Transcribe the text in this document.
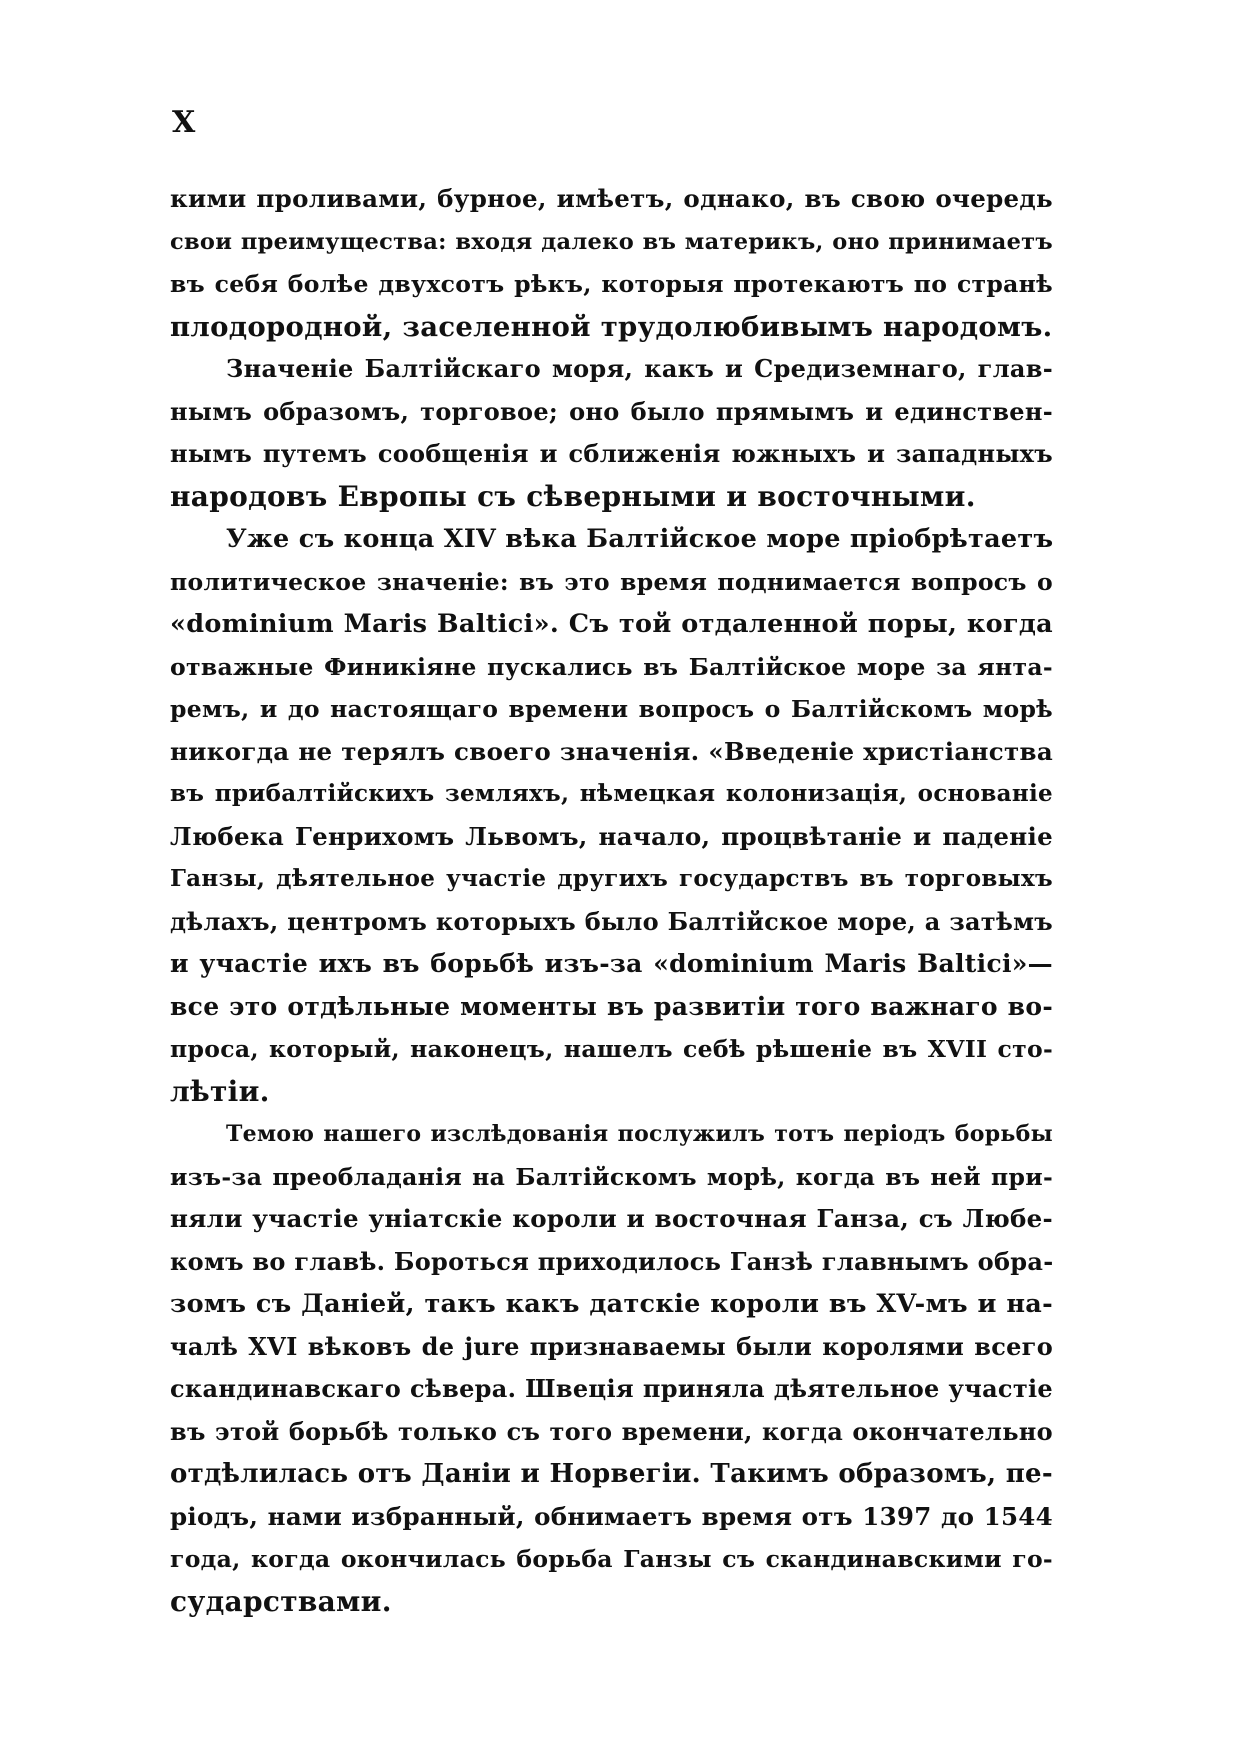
X
кими проливами, бурное, имѣетъ, однако, въ свою очередь
свои преимущества: входя далеко въ материкъ, оно принимаетъ
въ себя болѣе двухсотъ рѣкъ, которыя протекаютъ по странѣ
плодородной, заселенной трудолюбивымъ народомъ.
Значеніе Балтійскаго моря, какъ и Средиземнаго, глав-
нымъ образомъ, торговое; оно было прямымъ и единствен-
нымъ путемъ сообщенія и сближенія южныхъ и западныхъ
народовъ Европы съ сѣверными и восточными.
Уже съ конца XIV вѣка Балтійское море пріобрѣтаетъ
политическое значеніе: въ это время поднимается вопросъ о
«dominium Maris Baltici». Съ той отдаленной поры, когда
отважные Финикіяне пускались въ Балтійское море за янта-
ремъ, и до настоящаго времени вопросъ о Балтійскомъ морѣ
никогда не терялъ своего значенія. «Введеніе христіанства
въ прибалтійскихъ земляхъ, нѣмецкая колонизація, основаніе
Любека Генрихомъ Львомъ, начало, процвѣтаніе и паденіе
Ганзы, дѣятельное участіе другихъ государствъ въ торговыхъ
дѣлахъ, центромъ которыхъ было Балтійское море, а затѣмъ
и участіе ихъ въ борьбѣ изъ-за «dominium Maris Baltici»—
все это отдѣльные моменты въ развитіи того важнаго во-
проса, который, наконецъ, нашелъ себѣ рѣшеніе въ XVII сто-
лѣтіи.
Темою нашего изслѣдованія послужилъ тотъ періодъ борьбы
изъ-за преобладанія на Балтійскомъ морѣ, когда въ ней при-
няли участіе уніатскіе короли и восточная Ганза, съ Любе-
комъ во главѣ. Бороться приходилось Ганзѣ главнымъ обра-
зомъ съ Даніей, такъ какъ датскіе короли въ XV-мъ и на-
чалѣ XVI вѣковъ de jure признаваемы были королями всего
скандинавскаго сѣвера. Швеція приняла дѣятельное участіе
въ этой борьбѣ только съ того времени, когда окончательно
отдѣлилась отъ Даніи и Норвегіи. Такимъ образомъ, пе-
ріодъ, нами избранный, обнимаетъ время отъ 1397 до 1544
года, когда окончилась борьба Ганзы съ скандинавскими го-
сударствами.
